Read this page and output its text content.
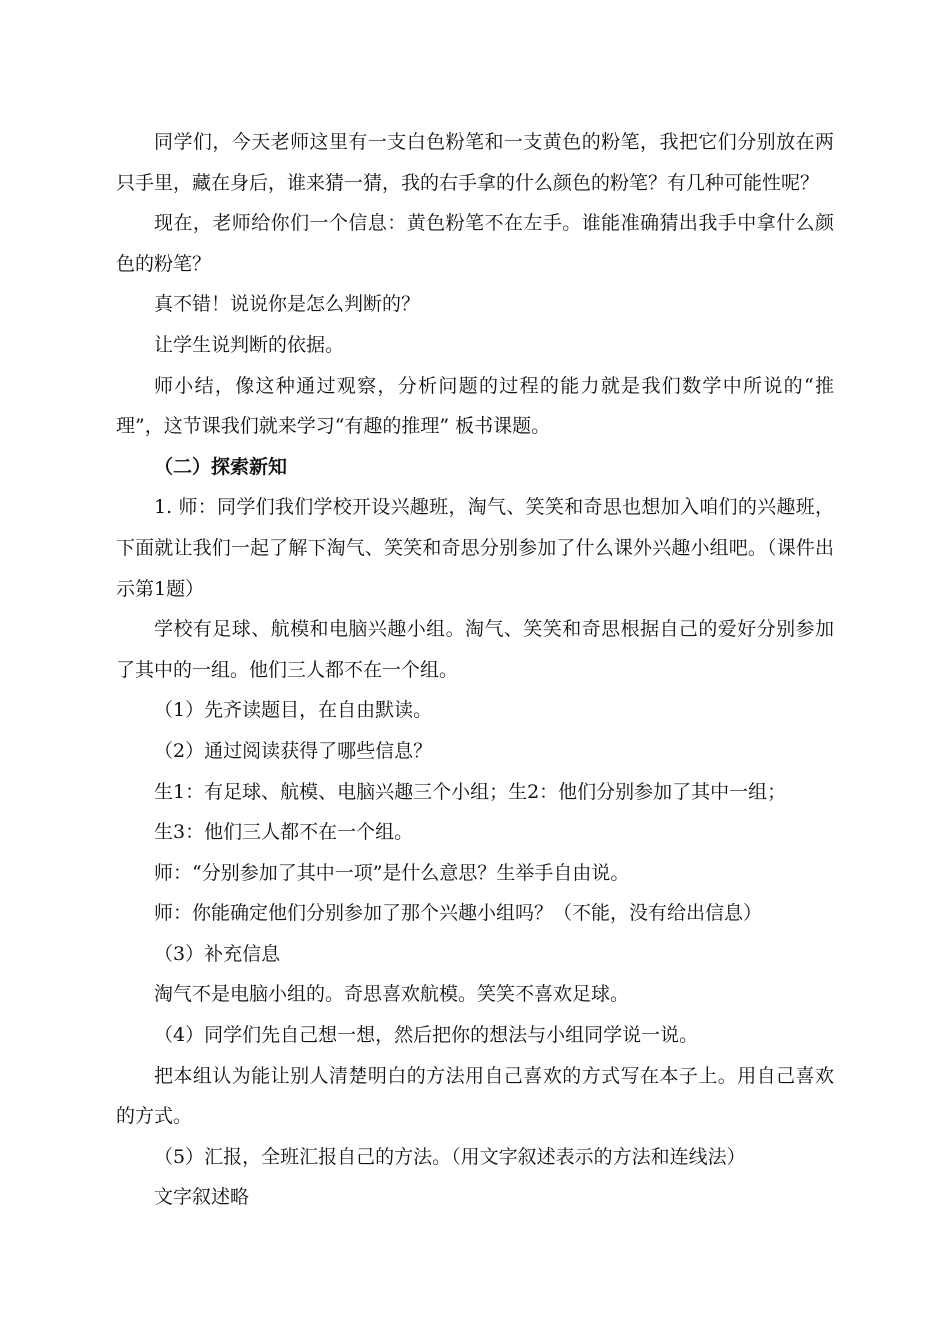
同学们，今天老师这里有一支白色粉笔和一支黄色的粉笔，我把它们分别放在两只手里，藏在身后，谁来猜一猜，我的右手拿的什么颜色的粉笔？有几种可能性呢？

现在，老师给你们一个信息：黄色粉笔不在左手。谁能准确猜出我手中拿什么颜色的粉笔？

真不错！说说你是怎么判断的？

让学生说判断的依据。

师小结，像这种通过观察，分析问题的过程的能力就是我们数学中所说的“推理”，这节课我们就来学习“有趣的推理” 板书课题。

（二）探索新知

1. 师：同学们我们学校开设兴趣班，淘气、笑笑和奇思也想加入咱们的兴趣班，下面就让我们一起了解下淘气、笑笑和奇思分别参加了什么课外兴趣小组吧。（课件出示第1题）

学校有足球、航模和电脑兴趣小组。淘气、笑笑和奇思根据自己的爱好分别参加了其中的一组。他们三人都不在一个组。

（1）先齐读题目，在自由默读。

（2）通过阅读获得了哪些信息？

生1：有足球、航模、电脑兴趣三个小组；生2：他们分别参加了其中一组；

生3：他们三人都不在一个组。

师：“分别参加了其中一项”是什么意思？生举手自由说。

师：你能确定他们分别参加了那个兴趣小组吗？（不能，没有给出信息）

（3）补充信息

淘气不是电脑小组的。奇思喜欢航模。笑笑不喜欢足球。

（4）同学们先自己想一想，然后把你的想法与小组同学说一说。

把本组认为能让别人清楚明白的方法用自己喜欢的方式写在本子上。用自己喜欢的方式。

（5）汇报，全班汇报自己的方法。（用文字叙述表示的方法和连线法）

文字叙述略
